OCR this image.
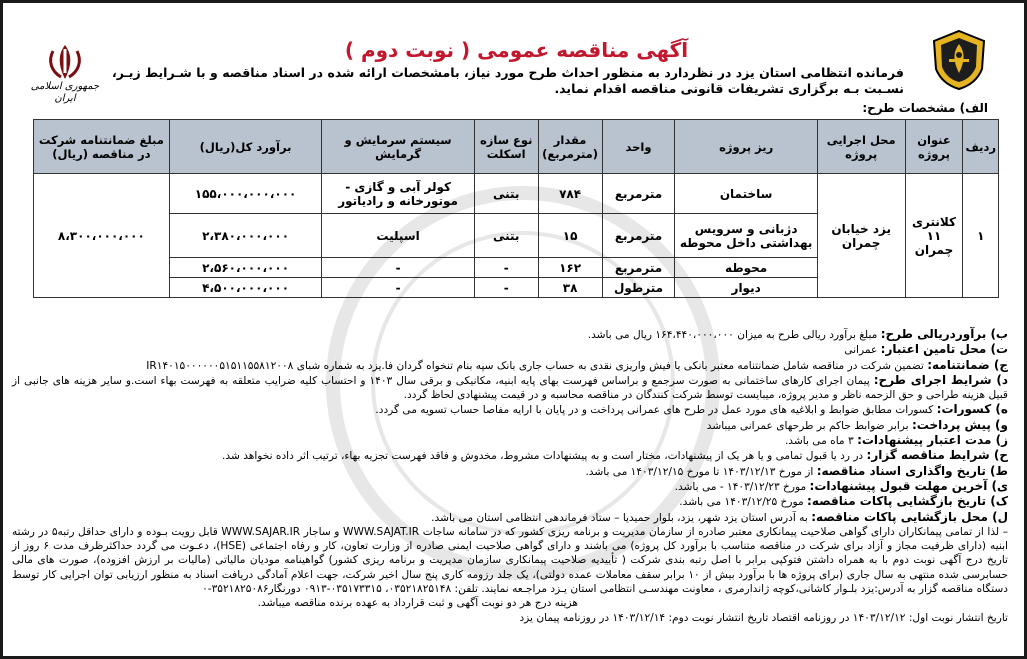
جمهوری اسلامی ایران
آگهی مناقصه عمومی ( نوبت دوم )
فرمانده انتظامی استان یزد در نظردارد به منظور احداث طرح مورد نیاز، بامشخصات ارائه شده در اسناد مناقصه و با شـرایط زیـر، نسـبت بـه برگزاری تشریفات قانونی مناقصه اقدام نماید.
الف) مشخصات طرح:
ردیف	عنوان پروژه	محل اجرایی پروژه	ریز پروژه	واحد	مقدار (مترمربع)	نوع سازه اسکلت	سیستم سرمایش و گرمایش	برآورد کل(ریال)	مبلغ ضمانتنامه شرکت در مناقصه (ریال)
۱	کلانتری ۱۱ چمران	یزد خیابان چمران	ساختمان	مترمربع	۷۸۴	بتنی	کولر آبی و گازی - موتورخانه و رادیاتور	۱۵۵،۰۰۰،۰۰۰،۰۰۰	۸،۳۰۰،۰۰۰،۰۰۰
			دژبانی و سرویس بهداشتی داخل محوطه	مترمربع	۱۵	بتنی	اسپلیت	۲،۳۸۰،۰۰۰،۰۰۰	
			محوطه	مترمربع	۱۶۲	-	-	۲،۵۶۰،۰۰۰،۰۰۰	
			دیوار	مترطول	۳۸	-	-	۴،۵۰۰،۰۰۰،۰۰۰	

ب) برآوردریالی طرح: مبلغ برآورد ریالی طرح به میزان ۱۶۴،۴۴۰،۰۰۰،۰۰۰ ریال می باشد.

ت) محل تامین اعتبار: عمرانی

ج) ضمانتنامه: تضمین شرکت در مناقصه شامل ضمانتنامه معتبر بانکی یا فیش واریزی نقدی به حساب جاری بانک سپه بنام تنخواه گردان فا.یزد به شماره شبای IR۱۴۰۱۵۰۰۰۰۰۰۵۱۵۱۱۵۵۸۱۲۰۰۸

د) شرایط اجرای طرح: پیمان اجرای کارهای ساختمانی به صورت سرجمع و براساس فهرست بهای پایه ابنیه، مکانیکی و برقی سال ۱۴۰۳ و احتساب کلیه ضرایب متعلقه به فهرست بهاء است.و سایر هزینه های جانبی از قبیل هزینه طراحی و حق الزحمه ناظر و مدیر پروژه، میبایست توسط شرکت کنندگان در مناقصه محاسبه و در قیمت پیشنهادی لحاظ گردد.

ه) کسورات: کسورات مطابق ضوابط و ابلاغیه های مورد عمل در طرح های عمرانی پرداخت و در پایان با ارایه مفاصا حساب تسویه می گردد.

و) پیش پرداخت: برابر ضوابط حاکم بر طرحهای عمرانی میباشد

ز) مدت اعتبار پیشنهادات: ۳ ماه می باشد.

ح) شرایط مناقصه گزار: در رد یا قبول تمامی و یا هر یک از پیشنهادات، مختار است و به پیشنهادات مشروط، مخدوش و فاقد فهرست تجزیه بهاء، ترتیب اثر داده نخواهد شد.

ط) تاریخ واگذاری اسناد مناقصه: از مورخ ۱۴۰۳/۱۲/۱۳ تا مورخ ۱۴۰۳/۱۲/۱۵ می باشد.

ی) آخرین مهلت قبول پیشنهادات: مورخ ۱۴۰۳/۱۲/۲۳ - می باشد.

ک) تاریخ بازگشایی پاکات مناقصه: مورخ ۱۴۰۳/۱۲/۲۵ می باشد.

ل) محل بازگشایی پاکات مناقصه: به آدرس استان یزد شهر، یزد، بلوار حمیدیا – ستاد فرماندهی انتظامی استان می باشد.

– لذا از تمامی پیمانکاران دارای گواهی صلاحیت پیمانکاری معتبر صادره از سازمان مدیریت و برنامه ریزی کشور که در سامانه ساجات WWW.SAJAT.IR و ساجار WWW.SAJAR.IR قابل رویت بـوده و دارای حداقل رتبه۵ در رشته ابنیه (دارای ظرفیت مجاز و آزاد برای شرکت در مناقصه متناسب با برآورد کل پروژه) می باشند و دارای گواهی صلاحیت ایمنی صادره از وزارت تعاون، کار و رفاه اجتماعی (HSE)، دعـوت می گردد حداکثرظرف مدت ۶ روز از تاریخ درج آگهی نوبت دوم با به همراه داشتن فتوکپی برابر با اصل رتبه بندی شرکت ( تأییدیه صلاحیت پیمانکاری سازمان مدیریت و برنامه ریزی کشور) گواهینامه مودیان مالیاتی (مالیات بر ارزش افزوده)، صورت های مالی حسابرسی شده منتهی به سال جاری (برای پروژه ها با برآورد بیش از ۱۰ برابر سقف معاملات عمده دولتی)، یک جلد رزومه کاری پنج سال اخیر شرکت، جهت اعلام آمادگی دریافت اسناد به منظور ارزیابی توان اجرایی کار توسط دستگاه مناقصه گزار به آدرس:یزد بلـوار کاشانی،کوچه ژاندارمری ، معاونت مهندسـی انتظامی استان یـزد مراجـعه نمایند. تلفن: ۰۳۵۲۱۸۲۵۱۴۸، ۰۳۵۱۷۳۳۱۵-۰۹۱۳ دورنگار۳۵۲۱۸۲۵۰۸۶-۰

هزینه درج هر دو نوبت آگهی و ثبت قرارداد به عهده برنده مناقصه میباشد.

تاریخ انتشار نوبت اول: ۱۴۰۳/۱۲/۱۲ در روزنامه اقتصاد تاریخ انتشار نوبت دوم: ۱۴۰۳/۱۲/۱۴ در روزنامه پیمان یزد
